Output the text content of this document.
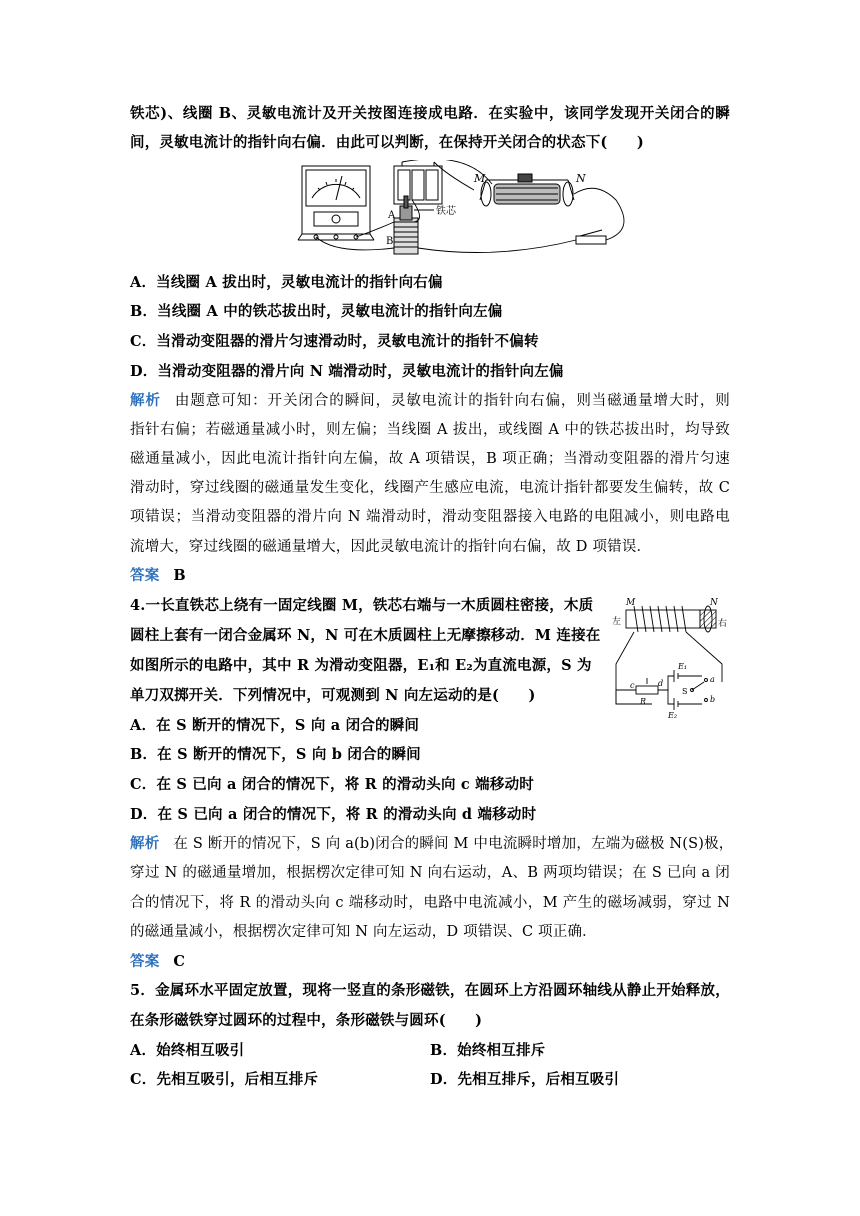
铁芯)、线圈 B、灵敏电流计及开关按图连接成电路．在实验中，该同学发现开关闭合的瞬
间，灵敏电流计的指针向右偏．由此可以判断，在保持开关闭合的状态下(　　)
M	N
A
B
铁芯
A．当线圈 A 拔出时，灵敏电流计的指针向右偏
B．当线圈 A 中的铁芯拔出时，灵敏电流计的指针向左偏
C．当滑动变阻器的滑片匀速滑动时，灵敏电流计的指针不偏转
D．当滑动变阻器的滑片向 N 端滑动时，灵敏电流计的指针向左偏
解析 由题意可知：开关闭合的瞬间，灵敏电流计的指针向右偏，则当磁通量增大时，则
指针右偏；若磁通量减小时，则左偏；当线圈 A 拔出，或线圈 A 中的铁芯拔出时，均导致
磁通量减小，因此电流计指针向左偏，故 A 项错误，B 项正确；当滑动变阻器的滑片匀速
滑动时，穿过线圈的磁通量发生变化，线圈产生感应电流，电流计指针都要发生偏转，故 C
项错误；当滑动变阻器的滑片向 N 端滑动时，滑动变阻器接入电路的电阻减小，则电路电
流增大，穿过线圈的磁通量增大，因此灵敏电流计的指针向右偏，故 D 项错误．
答案 B
4.一长直铁芯上绕有一固定线圈 M，铁芯右端与一木质圆柱密接，木质
圆柱上套有一闭合金属环 N，N 可在木质圆柱上无摩擦移动．M 连接在
如图所示的电路中，其中 R 为滑动变阻器，E₁和 E₂为直流电源，S 为
单刀双掷开关．下列情况中，可观测到 N 向左运动的是(　　)
M	N
左	右
E₁
E₂
R
c	d
S
a
b
A．在 S 断开的情况下，S 向 a 闭合的瞬间
B．在 S 断开的情况下，S 向 b 闭合的瞬间
C．在 S 已向 a 闭合的情况下，将 R 的滑动头向 c 端移动时
D．在 S 已向 a 闭合的情况下，将 R 的滑动头向 d 端移动时
解析 在 S 断开的情况下，S 向 a(b)闭合的瞬间 M 中电流瞬时增加，左端为磁极 N(S)极，
穿过 N 的磁通量增加，根据楞次定律可知 N 向右运动，A、B 两项均错误；在 S 已向 a 闭
合的情况下，将 R 的滑动头向 c 端移动时，电路中电流减小，M 产生的磁场减弱，穿过 N
的磁通量减小，根据楞次定律可知 N 向左运动，D 项错误、C 项正确．
答案 C
5．金属环水平固定放置，现将一竖直的条形磁铁，在圆环上方沿圆环轴线从静止开始释放，
在条形磁铁穿过圆环的过程中，条形磁铁与圆环(　　)
A．始终相互吸引	B．始终相互排斥
C．先相互吸引，后相互排斥	D．先相互排斥，后相互吸引
